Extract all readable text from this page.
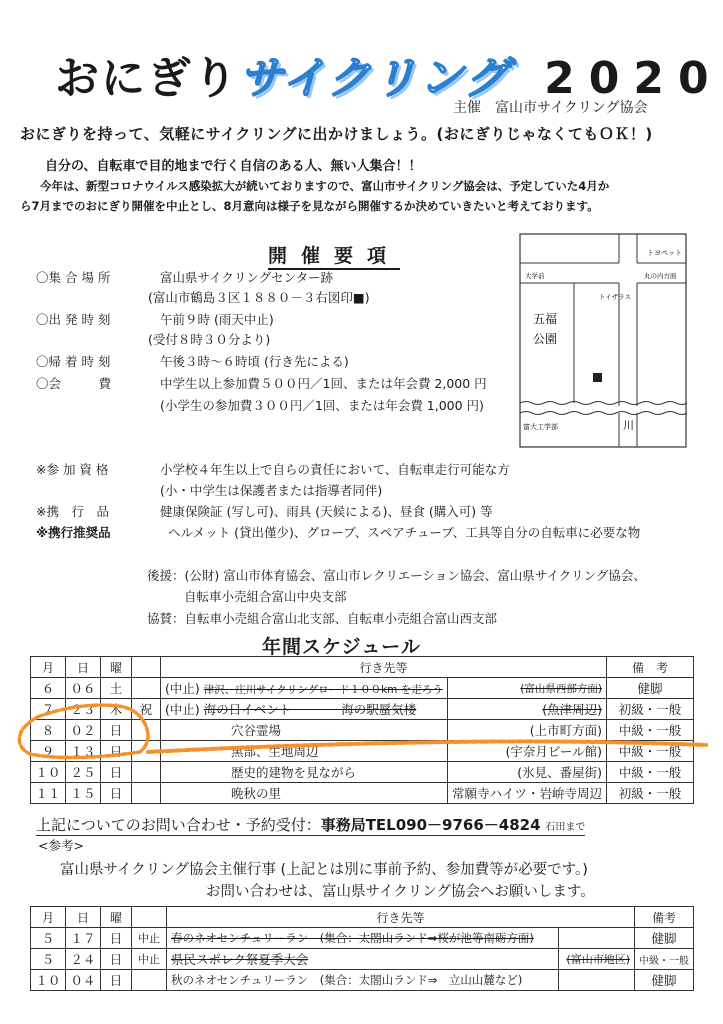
おにぎりサイクリング 2020
主催　富山市サイクリング協会
おにぎりを持って、気軽にサイクリングに出かけましょう。(おにぎりじゃなくてもＯＫ！)
自分の、自転車で目的地まで行く自信のある人、無い人集合！！
今年は、新型コロナウイルス感染拡大が続いておりますので、富山市サイクリング協会は、予定していた4月か
ら7月までのおにぎり開催を中止とし、8月意向は様子を見ながら開催するか決めていきたいと考えております。
開催要項
〇集 合 場 所	富山県サイクリングセンター跡
(富山市鶴島３区１８８０－３右図印■)
〇出 発 時 刻	午前９時 (雨天中止)
(受付８時３０分より)
〇帰 着 時 刻	午後３時～６時頃 (行き先による)
〇会　　　費	中学生以上参加費５００円／1回、または年会費 2,000 円
(小学生の参加費３００円／1回、または年会費 1,000 円)
※参 加 資 格	小学校４年生以上で自らの責任において、自転車走行可能な方
(小・中学生は保護者または指導者同伴)
※携　行　品	健康保険証 (写し可)、雨具 (天候による)、昼食 (購入可) 等
※携行推奨品	ヘルメット (貸出僅少)、グローブ、スペアチューブ、工具等自分の自転車に必要な物
トヨペット
大学前	丸の内方面
トイザラス
五福
公園
富大工学部	川
後援：(公財) 富山市体育協会、富山市レクリエーション協会、富山県サイクリング協会、
自転車小売組合富山中央支部
協賛：自転車小売組合富山北支部、自転車小売組合富山西支部
年間スケジュール
月	日	曜		行き先等		備　考
６	０６	土		(中止) 津沢、庄川サイクリングロード１００km を走ろう	(富山県西部方面)	健脚
７	２３	木	祝	(中止) 海の日イベント　　　　海の駅蜃気楼	(魚津周辺)	初級・一般
８	０２	日		穴谷霊場	(上市町方面)	中級・一般
９	１３	日		黒部、生地周辺	(宇奈月ビール館)	中級・一般
１０	２５	日		歴史的建物を見ながら	(氷見、番屋街)	中級・一般
１１	１５	日		晩秋の里	常願寺ハイツ・岩峅寺周辺	初級・一般
上記についてのお問い合わせ・予約受付：事務局TEL090－9766－4824 石田まで
<参考>
富山県サイクリング協会主催行事 (上記とは別に事前予約、参加費等が必要です。)
お問い合わせは、富山県サイクリング協会へお願いします。
月	日	曜		行き先等		備考
５	１７	日	中止	春のネオセンチュリーラン　(集合：太閤山ランド⇒桜が池等南砺方面)		健脚
５	２４	日	中止	県民スポレク祭夏季大会	(富山市地区)	中級・一般
１０	０４	日		秋のネオセンチュリーラン　(集合：太閤山ランド⇒　立山山麓など)		健脚
